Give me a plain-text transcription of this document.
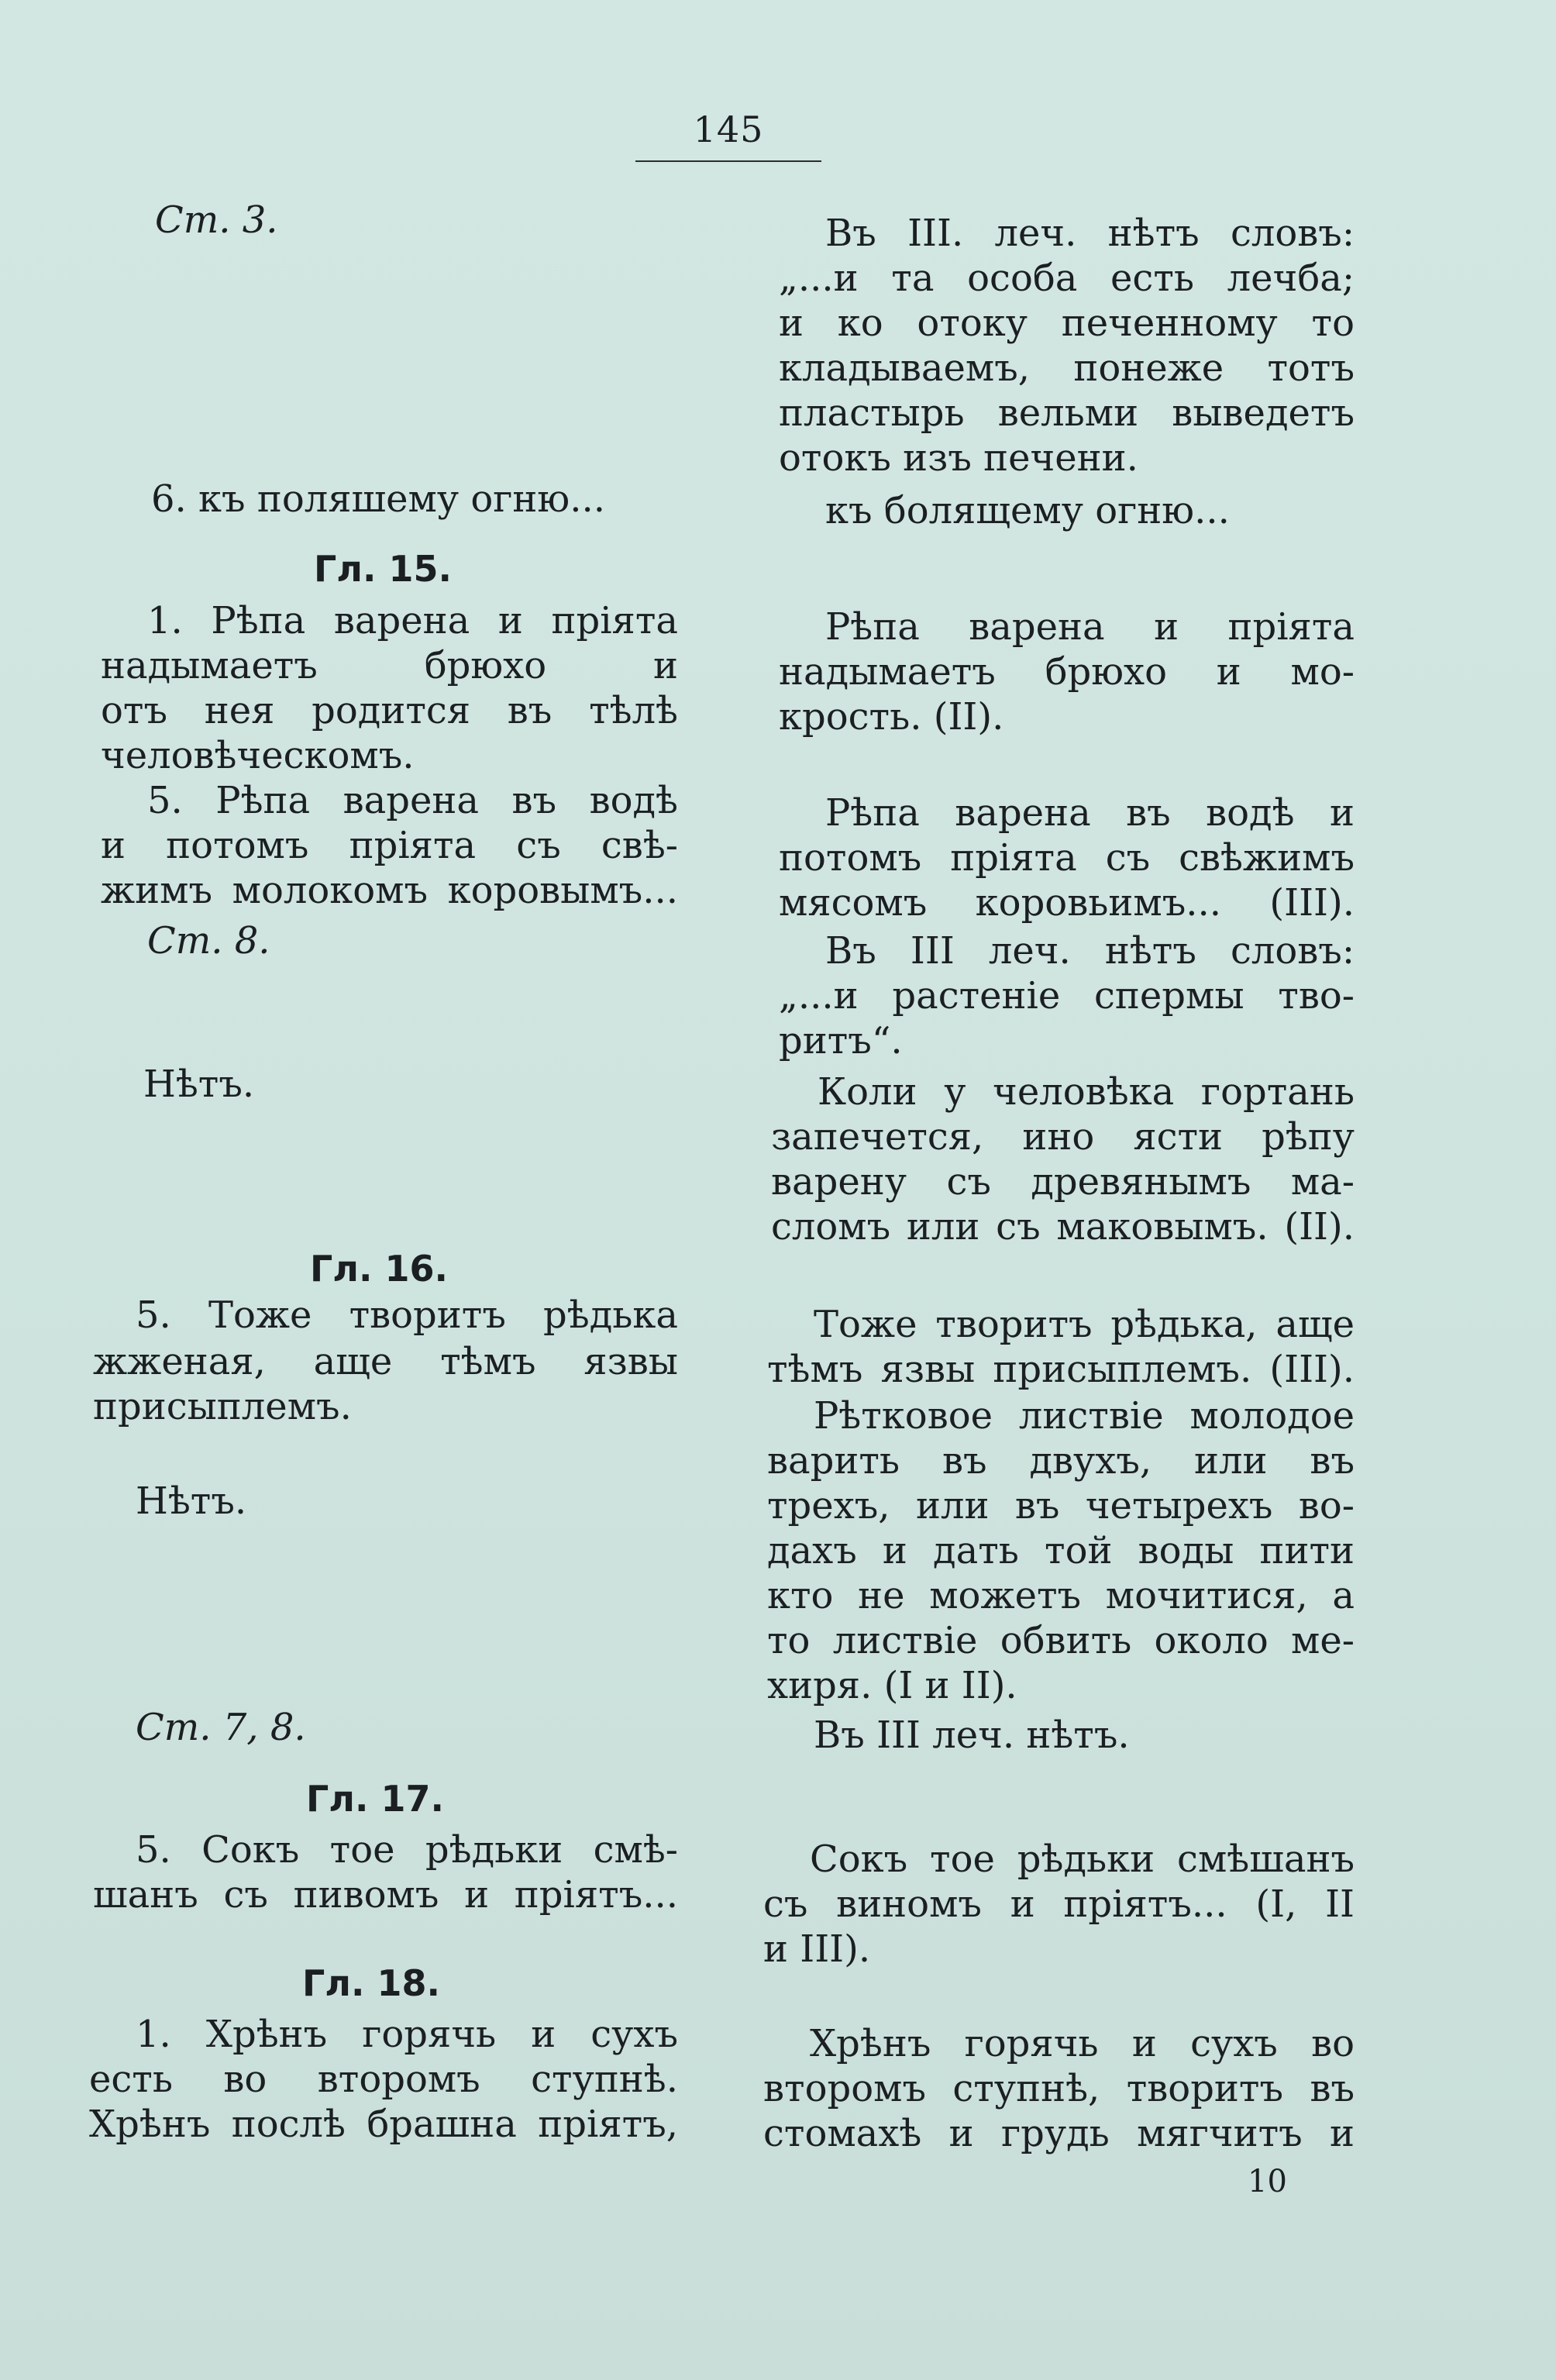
145
Ст. 3.
6. къ поляшему огню...
Гл. 15.
1. Рѣпа варена и пріята
надымаетъ брюхо и
отъ нея родится въ тѣлѣ
человѣческомъ.
5. Рѣпа варена въ водѣ
и потомъ пріята съ свѣ-
жимъ молокомъ коровымъ...
Ст. 8.
Нѣтъ.
Гл. 16.
5. Тоже творитъ рѣдька
жженая, аще тѣмъ язвы
присыплемъ.
Нѣтъ.
Ст. 7, 8.
Гл. 17.
5. Сокъ тое рѣдьки смѣ-
шанъ съ пивомъ и пріятъ...
Гл. 18.
1. Хрѣнъ горячь и сухъ
есть во второмъ ступнѣ.
Хрѣнъ послѣ брашна пріятъ,
Въ III. леч. нѣтъ словъ:
„...и та особа есть лечба;
и ко отоку печенному то
кладываемъ, понеже тотъ
пластырь вельми выведетъ
отокъ изъ печени.
къ болящему огню...
Рѣпа варена и пріята
надымаетъ брюхо и мо-
крость. (II).
Рѣпа варена въ водѣ и
потомъ пріята съ свѣжимъ
мясомъ коровьимъ... (III).
Въ III леч. нѣтъ словъ:
„...и растеніе спермы тво-
ритъ“.
Коли у человѣка гортань
запечется, ино ясти рѣпу
варену съ древянымъ ма-
сломъ или съ маковымъ. (II).
Тоже творитъ рѣдька, аще
тѣмъ язвы присыплемъ. (III).
Рѣтковое листвіе молодое
варить въ двухъ, или въ
трехъ, или въ четырехъ во-
дахъ и дать той воды пити
кто не можетъ мочитися, а
то листвіе обвить около ме-
хиря. (I и II).
Въ III леч. нѣтъ.
Сокъ тое рѣдьки смѣшанъ
съ виномъ и пріятъ... (I, II
и III).
Хрѣнъ горячь и сухъ во
второмъ ступнѣ, творитъ въ
стомахѣ и грудь мягчитъ и
10
